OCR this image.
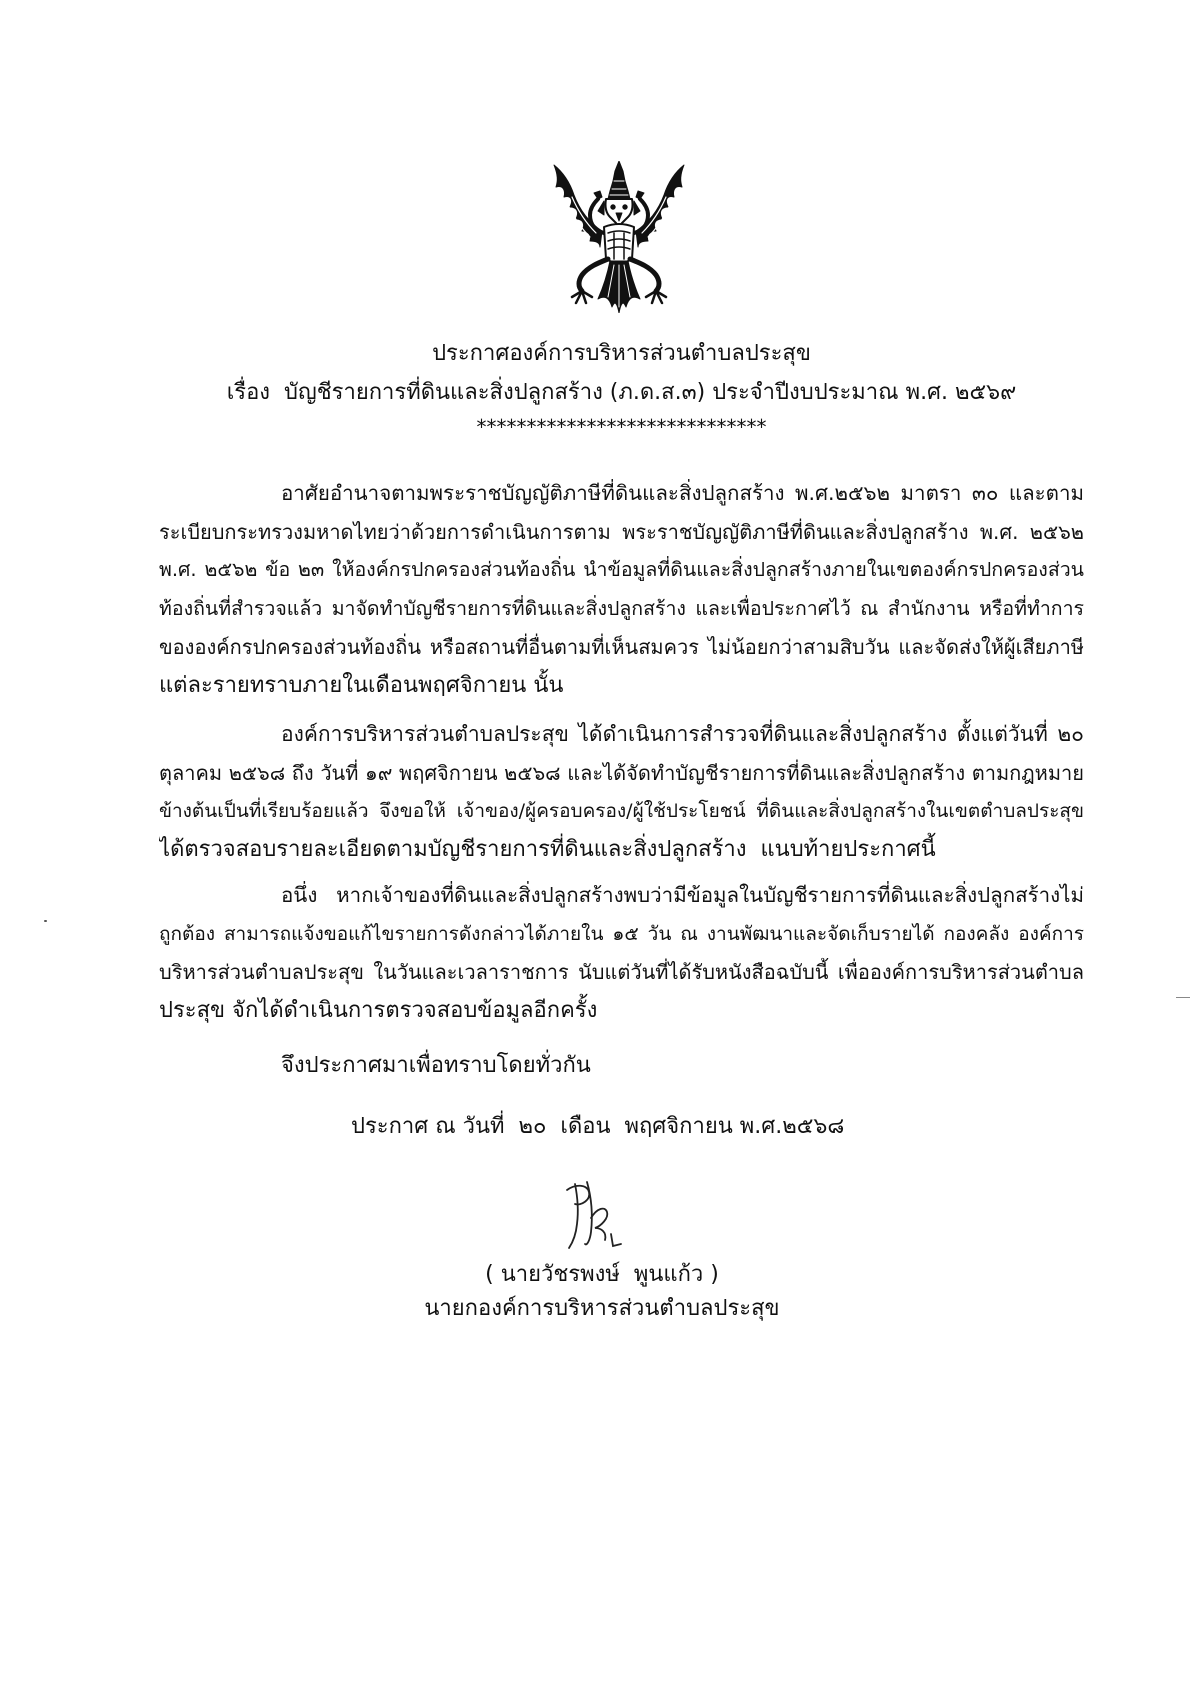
ประกาศองค์การบริหารส่วนตำบลประสุข
เรื่อง บัญชีรายการที่ดินและสิ่งปลูกสร้าง (ภ.ด.ส.๓) ประจำปีงบประมาณ พ.ศ. ๒๕๖๙
*****************************
อาศัยอำนาจตามพระราชบัญญัติภาษีที่ดินและสิ่งปลูกสร้าง พ.ศ.๒๕๖๒ มาตรา ๓๐ และตาม
ระเบียบกระทรวงมหาดไทยว่าด้วยการดำเนินการตาม พระราชบัญญัติภาษีที่ดินและสิ่งปลูกสร้าง พ.ศ. ๒๕๖๒
พ.ศ. ๒๕๖๒ ข้อ ๒๓ ให้องค์กรปกครองส่วนท้องถิ่น นำข้อมูลที่ดินและสิ่งปลูกสร้างภายในเขตองค์กรปกครองส่วน
ท้องถิ่นที่สำรวจแล้ว มาจัดทำบัญชีรายการที่ดินและสิ่งปลูกสร้าง และเพื่อประกาศไว้ ณ สำนักงาน หรือที่ทำการ
ขององค์กรปกครองส่วนท้องถิ่น หรือสถานที่อื่นตามที่เห็นสมควร ไม่น้อยกว่าสามสิบวัน และจัดส่งให้ผู้เสียภาษี
แต่ละรายทราบภายในเดือนพฤศจิกายน นั้น
องค์การบริหารส่วนตำบลประสุข ได้ดำเนินการสำรวจที่ดินและสิ่งปลูกสร้าง ตั้งแต่วันที่ ๒๐
ตุลาคม ๒๕๖๘ ถึง วันที่ ๑๙ พฤศจิกายน ๒๕๖๘ และได้จัดทำบัญชีรายการที่ดินและสิ่งปลูกสร้าง ตามกฎหมาย
ข้างต้นเป็นที่เรียบร้อยแล้ว จึงขอให้ เจ้าของ/ผู้ครอบครอง/ผู้ใช้ประโยชน์ ที่ดินและสิ่งปลูกสร้างในเขตตำบลประสุข
ได้ตรวจสอบรายละเอียดตามบัญชีรายการที่ดินและสิ่งปลูกสร้าง  แนบท้ายประกาศนี้
อนึ่ง หากเจ้าของที่ดินและสิ่งปลูกสร้างพบว่ามีข้อมูลในบัญชีรายการที่ดินและสิ่งปลูกสร้างไม่
ถูกต้อง สามารถแจ้งขอแก้ไขรายการดังกล่าวได้ภายใน ๑๕ วัน ณ งานพัฒนาและจัดเก็บรายได้ กองคลัง องค์การ
บริหารส่วนตำบลประสุข ในวันและเวลาราชการ นับแต่วันที่ได้รับหนังสือฉบับนี้ เพื่อองค์การบริหารส่วนตำบล
ประสุข จักได้ดำเนินการตรวจสอบข้อมูลอีกครั้ง
จึงประกาศมาเพื่อทราบโดยทั่วกัน
ประกาศ ณ วันที่  ๒๐  เดือน  พฤศจิกายน พ.ศ.๒๕๖๘
( นายวัชรพงษ์  พูนแก้ว )
นายกองค์การบริหารส่วนตำบลประสุข
